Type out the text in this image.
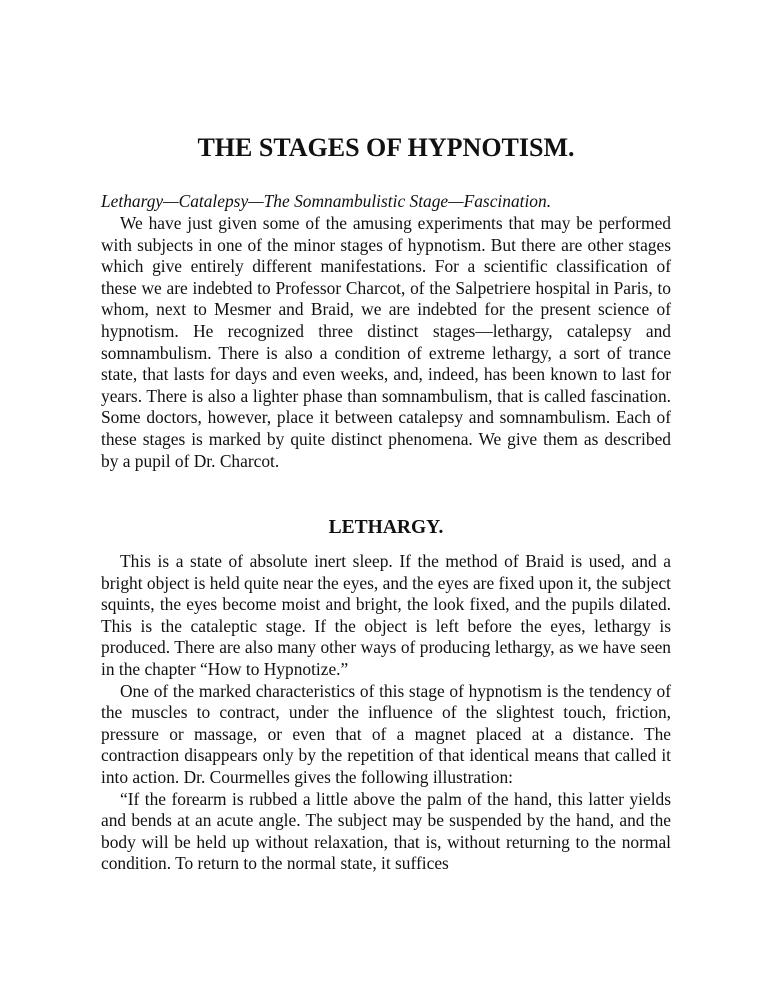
THE STAGES OF HYPNOTISM.

Lethargy—Catalepsy—The Somnambulistic Stage—Fascination.

We have just given some of the amusing experiments that may be performed with subjects in one of the minor stages of hypnotism. But there are other stages which give entirely different manifestations. For a scientific classification of these we are indebted to Professor Charcot, of the Salpetriere hospital in Paris, to whom, next to Mesmer and Braid, we are indebted for the present science of hypnotism. He recognized three distinct stages—lethargy, catalepsy and somnambulism. There is also a condition of extreme lethargy, a sort of trance state, that lasts for days and even weeks, and, indeed, has been known to last for years. There is also a lighter phase than somnambulism, that is called fascination. Some doctors, however, place it between catalepsy and somnambulism. Each of these stages is marked by quite distinct phenomena. We give them as described by a pupil of Dr. Charcot.

LETHARGY.

This is a state of absolute inert sleep. If the method of Braid is used, and a bright object is held quite near the eyes, and the eyes are fixed upon it, the subject squints, the eyes become moist and bright, the look fixed, and the pupils dilated. This is the cataleptic stage. If the object is left before the eyes, lethargy is produced. There are also many other ways of producing lethargy, as we have seen in the chapter “How to Hypnotize.”

One of the marked characteristics of this stage of hypnotism is the tendency of the muscles to contract, under the influence of the slightest touch, friction, pressure or massage, or even that of a magnet placed at a distance. The contraction disappears only by the repetition of that identical means that called it into action. Dr. Courmelles gives the following illustration:

“If the forearm is rubbed a little above the palm of the hand, this latter yields and bends at an acute angle. The subject may be suspended by the hand, and the body will be held up without relaxation, that is, without returning to the normal condition. To return to the normal state, it suffices
